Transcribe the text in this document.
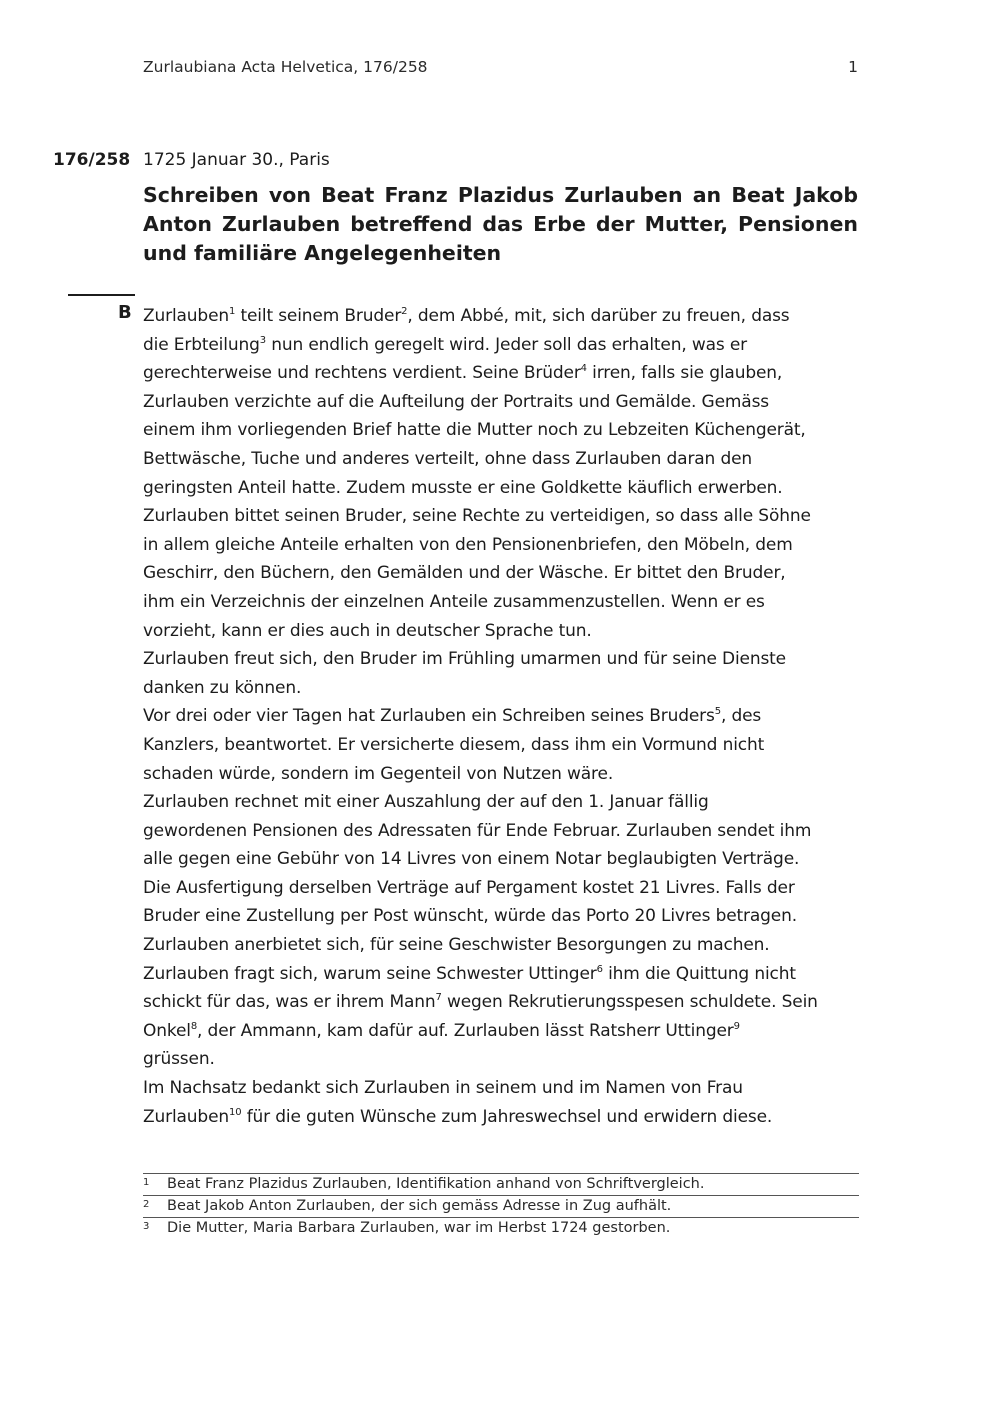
Zurlaubiana Acta Helvetica, 176/258	1
176/258 1725 Januar 30., Paris
Schreiben von Beat Franz Plazidus Zurlauben an Beat Jakob Anton Zurlauben betreffend das Erbe der Mutter, Pensionen und familiäre Angelegenheiten
B Zurlauben$^1$ teilt seinem Bruder$^2$, dem Abbé, mit, sich darüber zu freuen, dass

die Erbteilung$^3$ nun endlich geregelt wird. Jeder soll das erhalten, was er

gerechterweise und rechtens verdient. Seine Brüder$^4$ irren, falls sie glauben,

Zurlauben verzichte auf die Aufteilung der Portraits und Gemälde. Gemäss

einem ihm vorliegenden Brief hatte die Mutter noch zu Lebzeiten Küchengerät,

Bettwäsche, Tuche und anderes verteilt, ohne dass Zurlauben daran den

geringsten Anteil hatte. Zudem musste er eine Goldkette käuflich erwerben.

Zurlauben bittet seinen Bruder, seine Rechte zu verteidigen, so dass alle Söhne

in allem gleiche Anteile erhalten von den Pensionenbriefen, den Möbeln, dem

Geschirr, den Büchern, den Gemälden und der Wäsche. Er bittet den Bruder,

ihm ein Verzeichnis der einzelnen Anteile zusammenzustellen. Wenn er es

vorzieht, kann er dies auch in deutscher Sprache tun.

Zurlauben freut sich, den Bruder im Frühling umarmen und für seine Dienste

danken zu können.

Vor drei oder vier Tagen hat Zurlauben ein Schreiben seines Bruders$^5$, des

Kanzlers, beantwortet. Er versicherte diesem, dass ihm ein Vormund nicht

schaden würde, sondern im Gegenteil von Nutzen wäre.

Zurlauben rechnet mit einer Auszahlung der auf den 1. Januar fällig

gewordenen Pensionen des Adressaten für Ende Februar. Zurlauben sendet ihm

alle gegen eine Gebühr von 14 Livres von einem Notar beglaubigten Verträge.

Die Ausfertigung derselben Verträge auf Pergament kostet 21 Livres. Falls der

Bruder eine Zustellung per Post wünscht, würde das Porto 20 Livres betragen.

Zurlauben anerbietet sich, für seine Geschwister Besorgungen zu machen.

Zurlauben fragt sich, warum seine Schwester Uttinger$^6$ ihm die Quittung nicht

schickt für das, was er ihrem Mann$^7$ wegen Rekrutierungsspesen schuldete. Sein

Onkel$^8$, der Ammann, kam dafür auf. Zurlauben lässt Ratsherr Uttinger$^9$

grüssen.

Im Nachsatz bedankt sich Zurlauben in seinem und im Namen von Frau

Zurlauben$^{10}$ für die guten Wünsche zum Jahreswechsel und erwidern diese.

1	Beat Franz Plazidus Zurlauben, Identifikation anhand von Schriftvergleich.
2	Beat Jakob Anton Zurlauben, der sich gemäss Adresse in Zug aufhält.
3	Die Mutter, Maria Barbara Zurlauben, war im Herbst 1724 gestorben.
